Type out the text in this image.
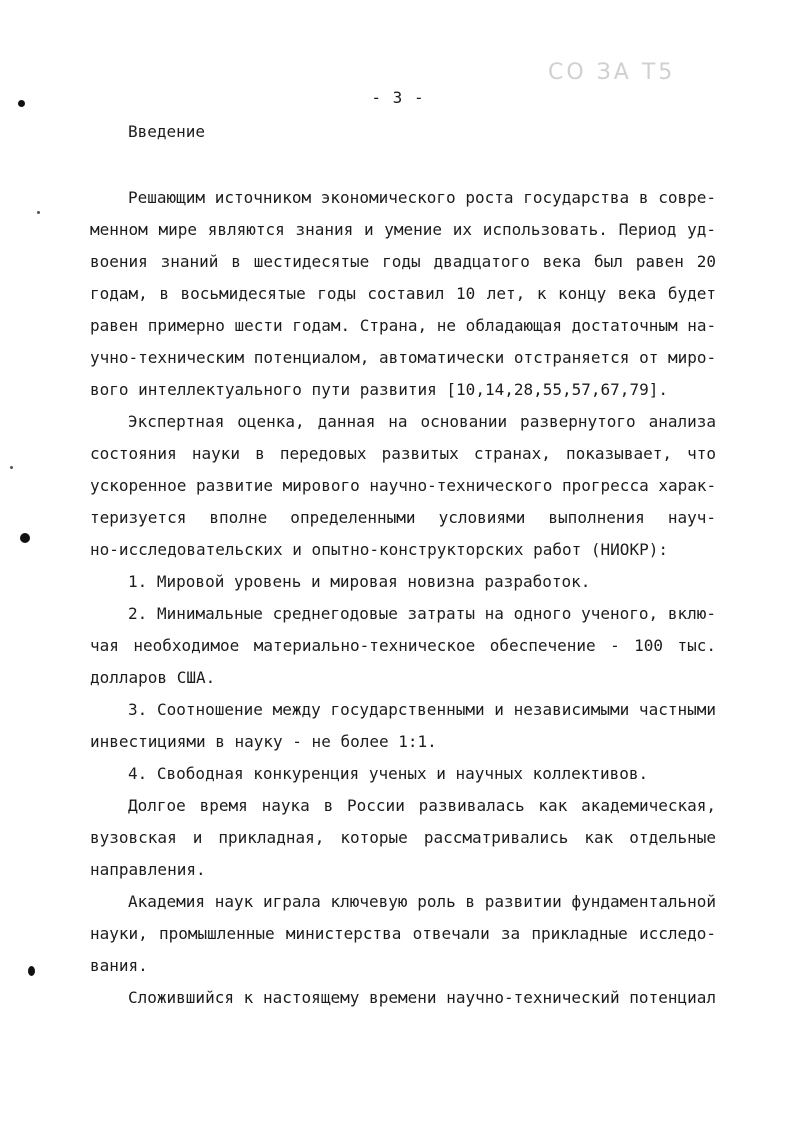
СО ЗА Т5
- 3 -
Введение
Решающим источником экономического роста государства в совре-
менном мире являются знания и умение их использовать. Период уд-
воения знаний в шестидесятые годы двадцатого века был равен 20
годам, в восьмидесятые годы составил 10 лет, к концу века будет
равен примерно шести годам. Страна, не обладающая достаточным на-
учно-техническим потенциалом, автоматически отстраняется от миро-
вого интеллектуального пути развития [10,14,28,55,57,67,79].
Экспертная оценка, данная на основании развернутого анализа
состояния науки в передовых развитых странах, показывает, что
ускоренное развитие мирового научно-технического прогресса харак-
теризуется вполне определенными условиями выполнения науч-
но-исследовательских и опытно-конструкторских работ (НИОКР):
1. Мировой уровень и мировая новизна разработок.
2. Минимальные среднегодовые затраты на одного ученого, вклю-
чая необходимое материально-техническое обеспечение - 100 тыс.
долларов США.
3. Соотношение между государственными и независимыми частными
инвестициями в науку - не более 1:1.
4. Свободная конкуренция ученых и научных коллективов.
Долгое время наука в России развивалась как академическая,
вузовская и прикладная, которые рассматривались как отдельные
направления.
Академия наук играла ключевую роль в развитии фундаментальной
науки, промышленные министерства отвечали за прикладные исследо-
вания.
Сложившийся к настоящему времени научно-технический потенциал
